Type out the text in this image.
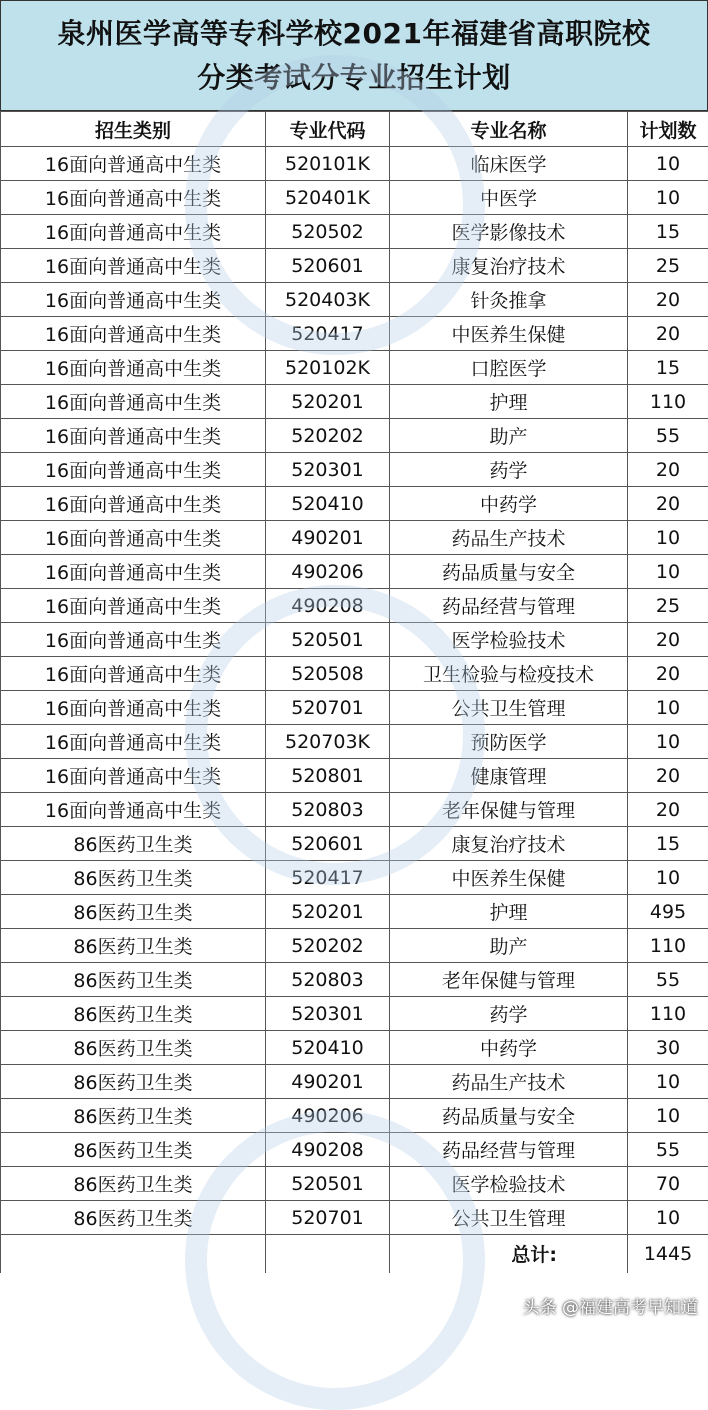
泉州医学高等专科学校2021年福建省高职院校
分类考试分专业招生计划
招生类别	专业代码	专业名称	计划数
16面向普通高中生类	520101K	临床医学	10
16面向普通高中生类	520401K	中医学	10
16面向普通高中生类	520502	医学影像技术	15
16面向普通高中生类	520601	康复治疗技术	25
16面向普通高中生类	520403K	针灸推拿	20
16面向普通高中生类	520417	中医养生保健	20
16面向普通高中生类	520102K	口腔医学	15
16面向普通高中生类	520201	护理	110
16面向普通高中生类	520202	助产	55
16面向普通高中生类	520301	药学	20
16面向普通高中生类	520410	中药学	20
16面向普通高中生类	490201	药品生产技术	10
16面向普通高中生类	490206	药品质量与安全	10
16面向普通高中生类	490208	药品经营与管理	25
16面向普通高中生类	520501	医学检验技术	20
16面向普通高中生类	520508	卫生检验与检疫技术	20
16面向普通高中生类	520701	公共卫生管理	10
16面向普通高中生类	520703K	预防医学	10
16面向普通高中生类	520801	健康管理	20
16面向普通高中生类	520803	老年保健与管理	20
86医药卫生类	520601	康复治疗技术	15
86医药卫生类	520417	中医养生保健	10
86医药卫生类	520201	护理	495
86医药卫生类	520202	助产	110
86医药卫生类	520803	老年保健与管理	55
86医药卫生类	520301	药学	110
86医药卫生类	520410	中药学	30
86医药卫生类	490201	药品生产技术	10
86医药卫生类	490206	药品质量与安全	10
86医药卫生类	490208	药品经营与管理	55
86医药卫生类	520501	医学检验技术	70
86医药卫生类	520701	公共卫生管理	10
		总计:	1445
头条 @福建高考早知道
